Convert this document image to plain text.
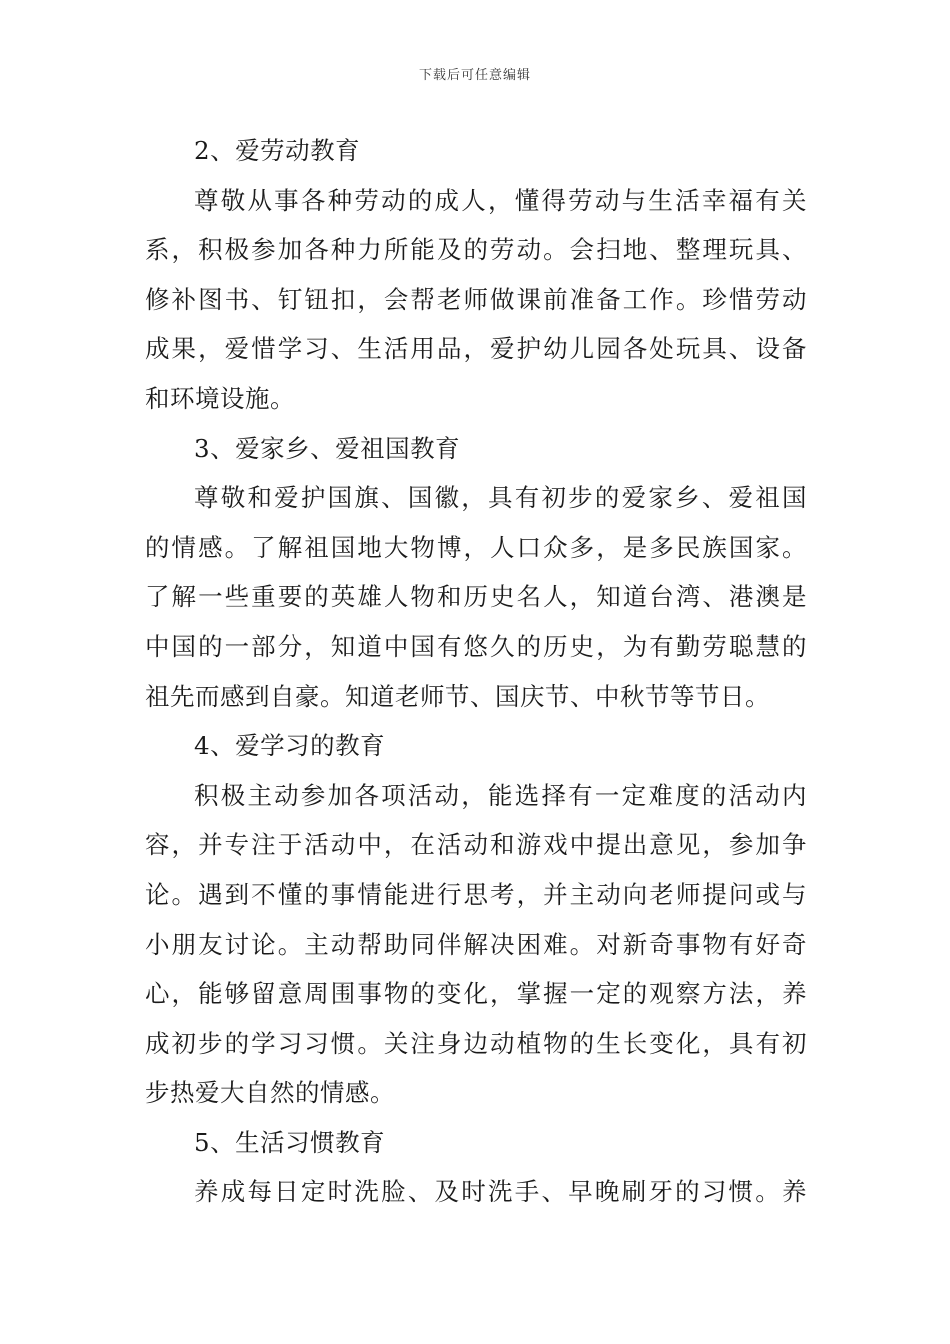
下载后可任意编辑
2、爱劳动教育
尊敬从事各种劳动的成人，懂得劳动与生活幸福有关
系，积极参加各种力所能及的劳动。会扫地、整理玩具、
修补图书、钉钮扣，会帮老师做课前准备工作。珍惜劳动
成果，爱惜学习、生活用品，爱护幼儿园各处玩具、设备
和环境设施。
3、爱家乡、爱祖国教育
尊敬和爱护国旗、国徽，具有初步的爱家乡、爱祖国
的情感。了解祖国地大物博，人口众多，是多民族国家。
了解一些重要的英雄人物和历史名人，知道台湾、港澳是
中国的一部分，知道中国有悠久的历史，为有勤劳聪慧的
祖先而感到自豪。知道老师节、国庆节、中秋节等节日。
4、爱学习的教育
积极主动参加各项活动，能选择有一定难度的活动内
容，并专注于活动中，在活动和游戏中提出意见，参加争
论。遇到不懂的事情能进行思考，并主动向老师提问或与
小朋友讨论。主动帮助同伴解决困难。对新奇事物有好奇
心，能够留意周围事物的变化，掌握一定的观察方法，养
成初步的学习习惯。关注身边动植物的生长变化，具有初
步热爱大自然的情感。
5、生活习惯教育
养成每日定时洗脸、及时洗手、早晚刷牙的习惯。养
